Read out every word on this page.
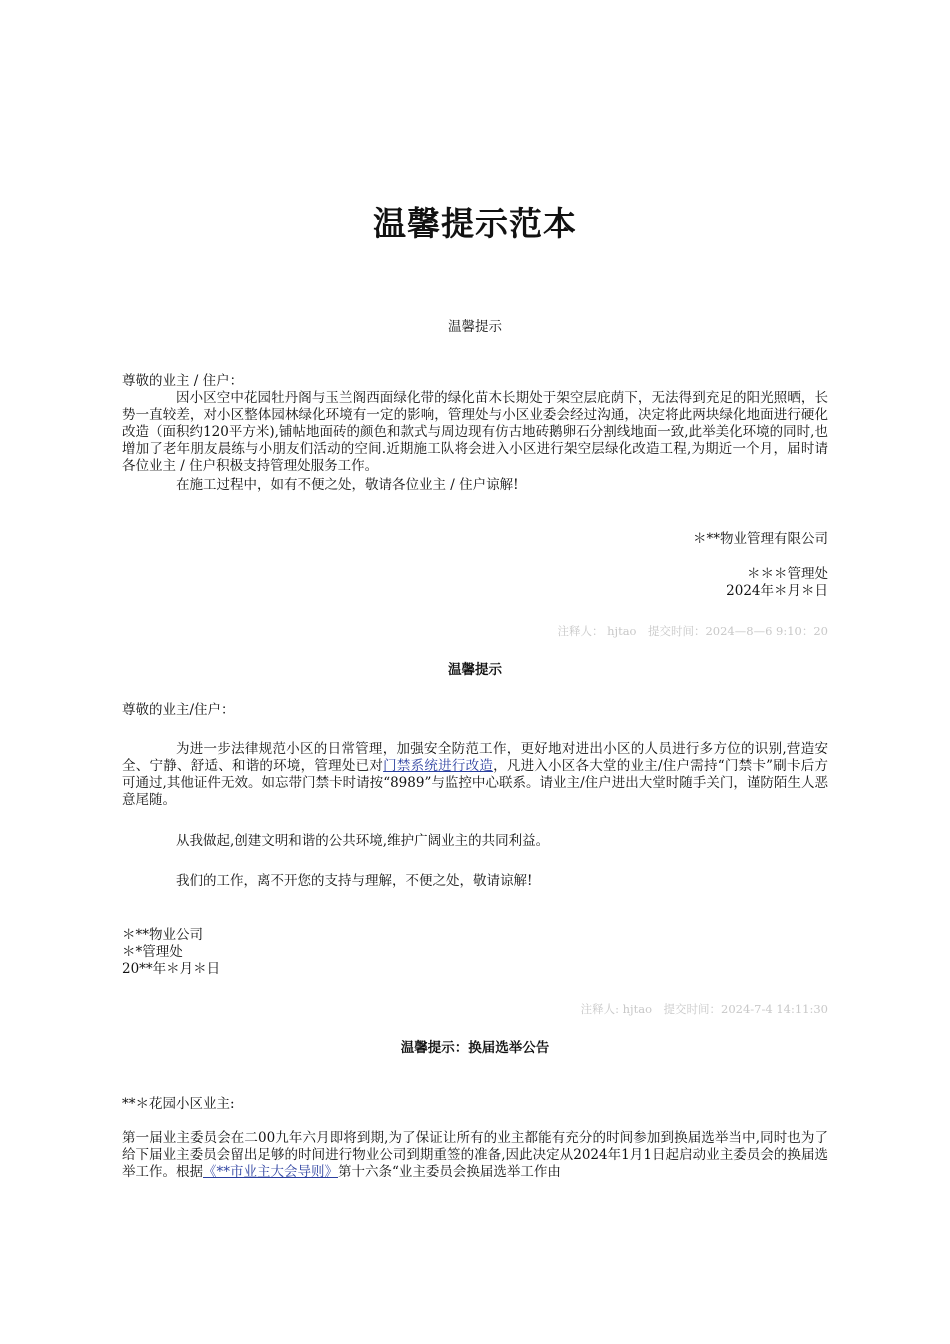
温馨提示范本

温馨提示

尊敬的业主 / 住户：

因小区空中花园牡丹阁与玉兰阁西面绿化带的绿化苗木长期处于架空层庇荫下，无法得到充足的阳光照晒，长势一直较差，对小区整体园林绿化环境有一定的影响，管理处与小区业委会经过沟通，决定将此两块绿化地面进行硬化改造（面积约120平方米),铺帖地面砖的颜色和款式与周边现有仿古地砖鹅卵石分割线地面一致,此举美化环境的同时,也增加了老年朋友晨练与小朋友们活动的空间.近期施工队将会进入小区进行架空层绿化改造工程,为期近一个月，届时请各位业主 / 住户积极支持管理处服务工作。

在施工过程中，如有不便之处，敬请各位业主 / 住户谅解!

＊**物业管理有限公司

＊＊＊管理处

2024年＊月＊日

注释人： hjtao　提交时间：2024—8—6 9:10：20

温馨提示

尊敬的业主/住户：

为进一步法律规范小区的日常管理，加强安全防范工作，更好地对进出小区的人员进行多方位的识别,营造安全、宁静、舒适、和谐的环境，管理处已对门禁系统进行改造，凡进入小区各大堂的业主/住户需持“门禁卡”刷卡后方可通过,其他证件无效。如忘带门禁卡时请按“8989”与监控中心联系。请业主/住户进出大堂时随手关门，谨防陌生人恶意尾随。

从我做起,创建文明和谐的公共环境,维护广阔业主的共同利益。

我们的工作，离不开您的支持与理解，不便之处，敬请谅解!

＊**物业公司

＊*管理处

20**年＊月＊日

注释人: hjtao　提交时间：2024-7-4 14:11:30

温馨提示：换届选举公告

**＊花园小区业主:

第一届业主委员会在二00九年六月即将到期,为了保证让所有的业主都能有充分的时间参加到换届选举当中,同时也为了给下届业主委员会留出足够的时间进行物业公司到期重签的准备,因此决定从2024年1月1日起启动业主委员会的换届选举工作。根据《**市业主大会导则》第十六条“业主委员会换届选举工作由
